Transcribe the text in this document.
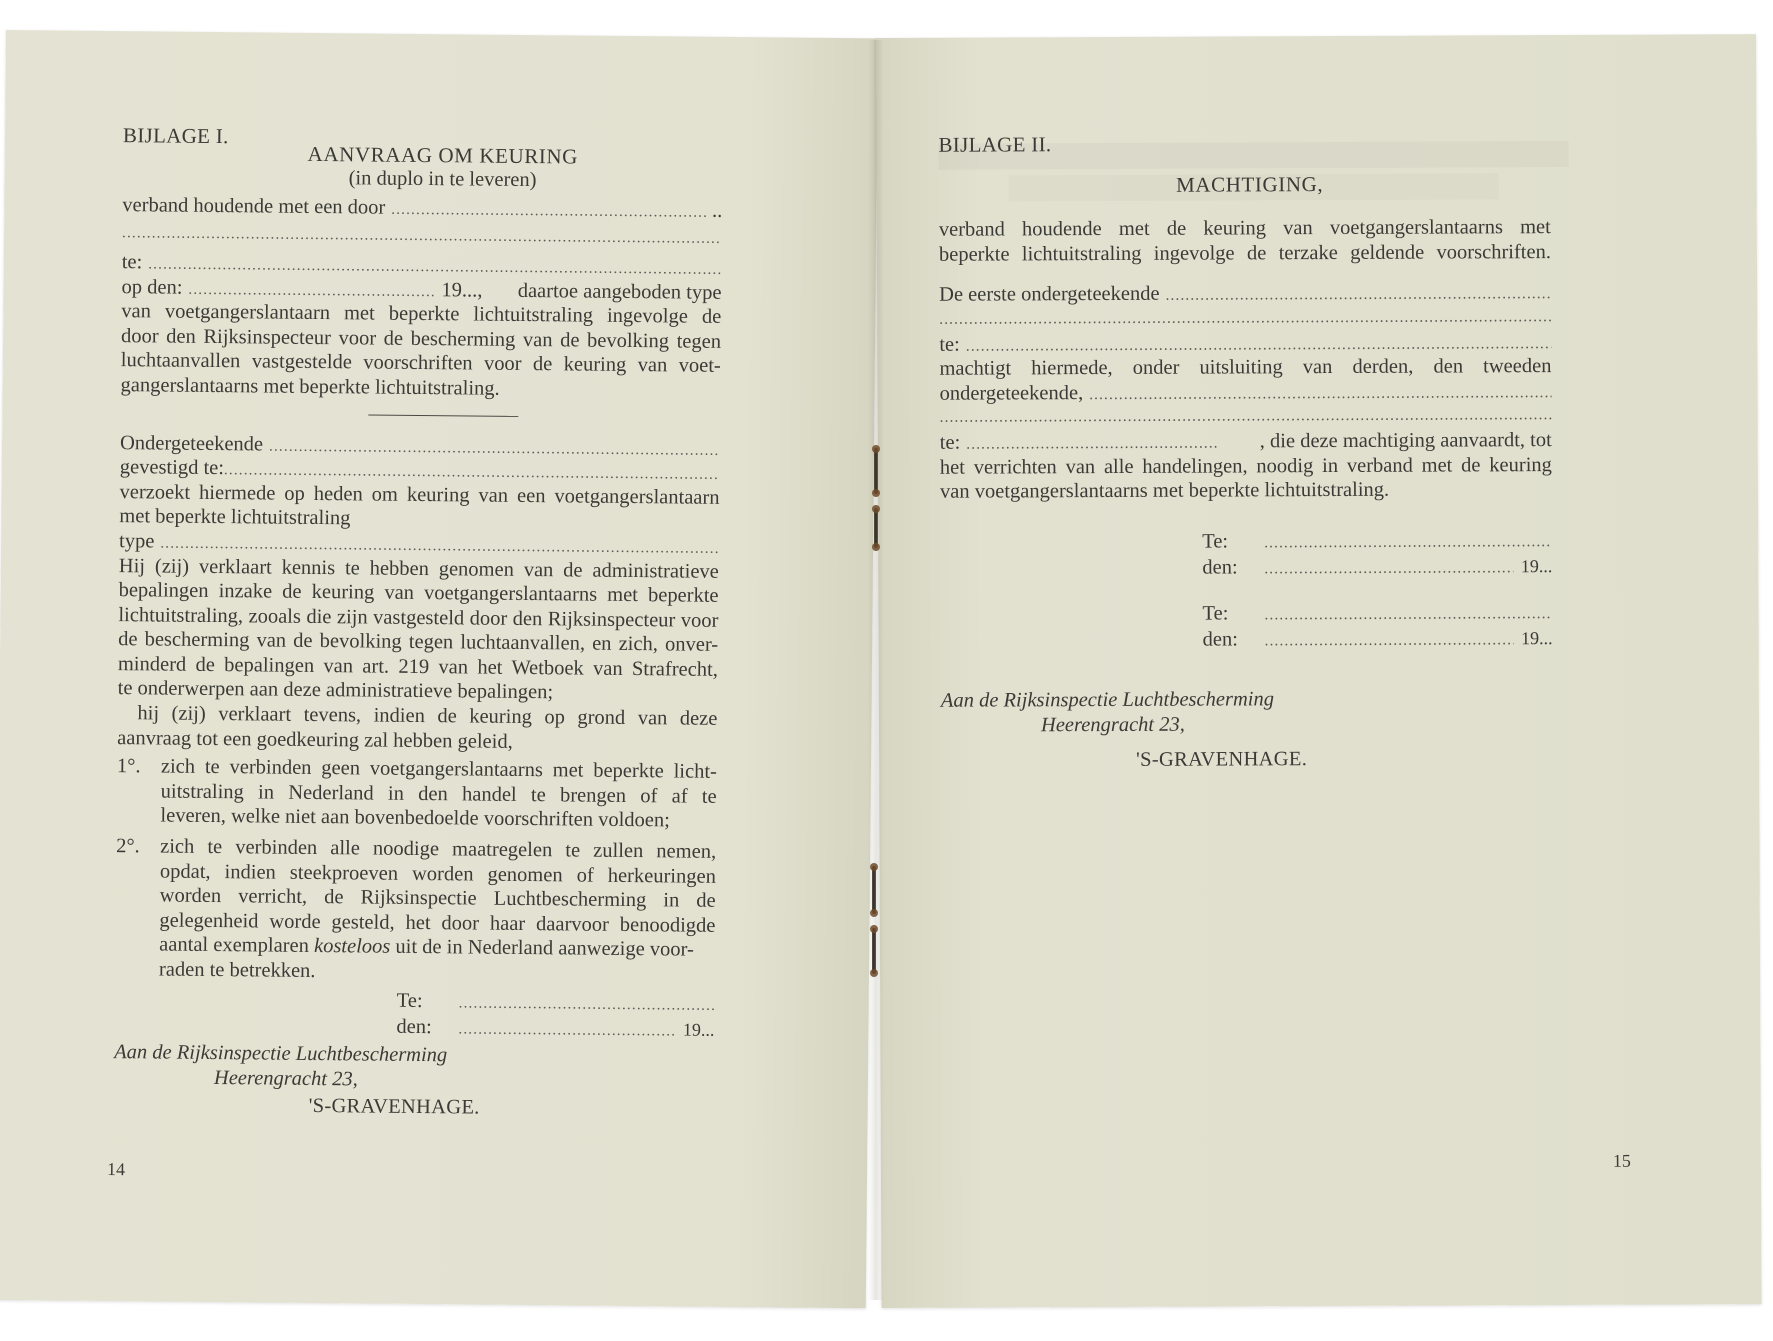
BIJLAGE I.
AANVRAAG OM KEURING
(in duplo in te leveren)
verband houdende met een door .....	..
.....
te:
.....
op den: .....	19...,	daartoe aangeboden type
van voetgangerslantaarn met beperkte lichtuitstraling ingevolge de
door den Rijksinspecteur voor de bescherming van de bevolking tegen
luchtaanvallen vastgestelde voorschriften voor de keuring van voet-
gangerslantaarns met beperkte lichtuitstraling.
Ondergeteekende
.....
gevestigd te:
.....
verzoekt hiermede op heden om keuring van een voetgangerslantaarn
met beperkte lichtuitstraling
type
.....
Hij (zij) verklaart kennis te hebben genomen van de administratieve
bepalingen inzake de keuring van voetgangerslantaarns met beperkte
lichtuitstraling, zooals die zijn vastgesteld door den Rijksinspecteur voor
de bescherming van de bevolking tegen luchtaanvallen, en zich, onver-
minderd de bepalingen van art. 219 van het Wetboek van Strafrecht,
te onderwerpen aan deze administratieve bepalingen;
hij (zij) verklaart tevens, indien de keuring op grond van deze
aanvraag tot een goedkeuring zal hebben geleid,
1°. zich te verbinden geen voetgangerslantaarns met beperkte licht-
uitstraling in Nederland in den handel te brengen of af te
leveren, welke niet aan bovenbedoelde voorschriften voldoen;
2°. zich te verbinden alle noodige maatregelen te zullen nemen,
opdat, indien steekproeven worden genomen of herkeuringen
worden verricht, de Rijksinspectie Luchtbescherming in de
gelegenheid worde gesteld, het door haar daarvoor benoodigde
aantal exemplaren kosteloos uit de in Nederland aanwezige voor-
raden te betrekken.
Te:
.....
den: .....	19...
Aan de Rijksinspectie Luchtbescherming
Heerengracht 23,
'S-GRAVENHAGE.
14
BIJLAGE II.
MACHTIGING,
verband houdende met de keuring van voetgangerslantaarns met
beperkte lichtuitstraling ingevolge de terzake geldende voorschriften.
De eerste ondergeteekende
.....
.....
te:
.....
machtigt hiermede, onder uitsluiting van derden, den tweeden
ondergeteekende,
.....
.....
te: .....	, die deze machtiging aanvaardt, tot
het verrichten van alle handelingen, noodig in verband met de keuring
van voetgangerslantaarns met beperkte lichtuitstraling.
Te:
.....
den: .....	19...
Te:
.....
den: .....	19...
Aan de Rijksinspectie Luchtbescherming
Heerengracht 23,
'S-GRAVENHAGE.
15
